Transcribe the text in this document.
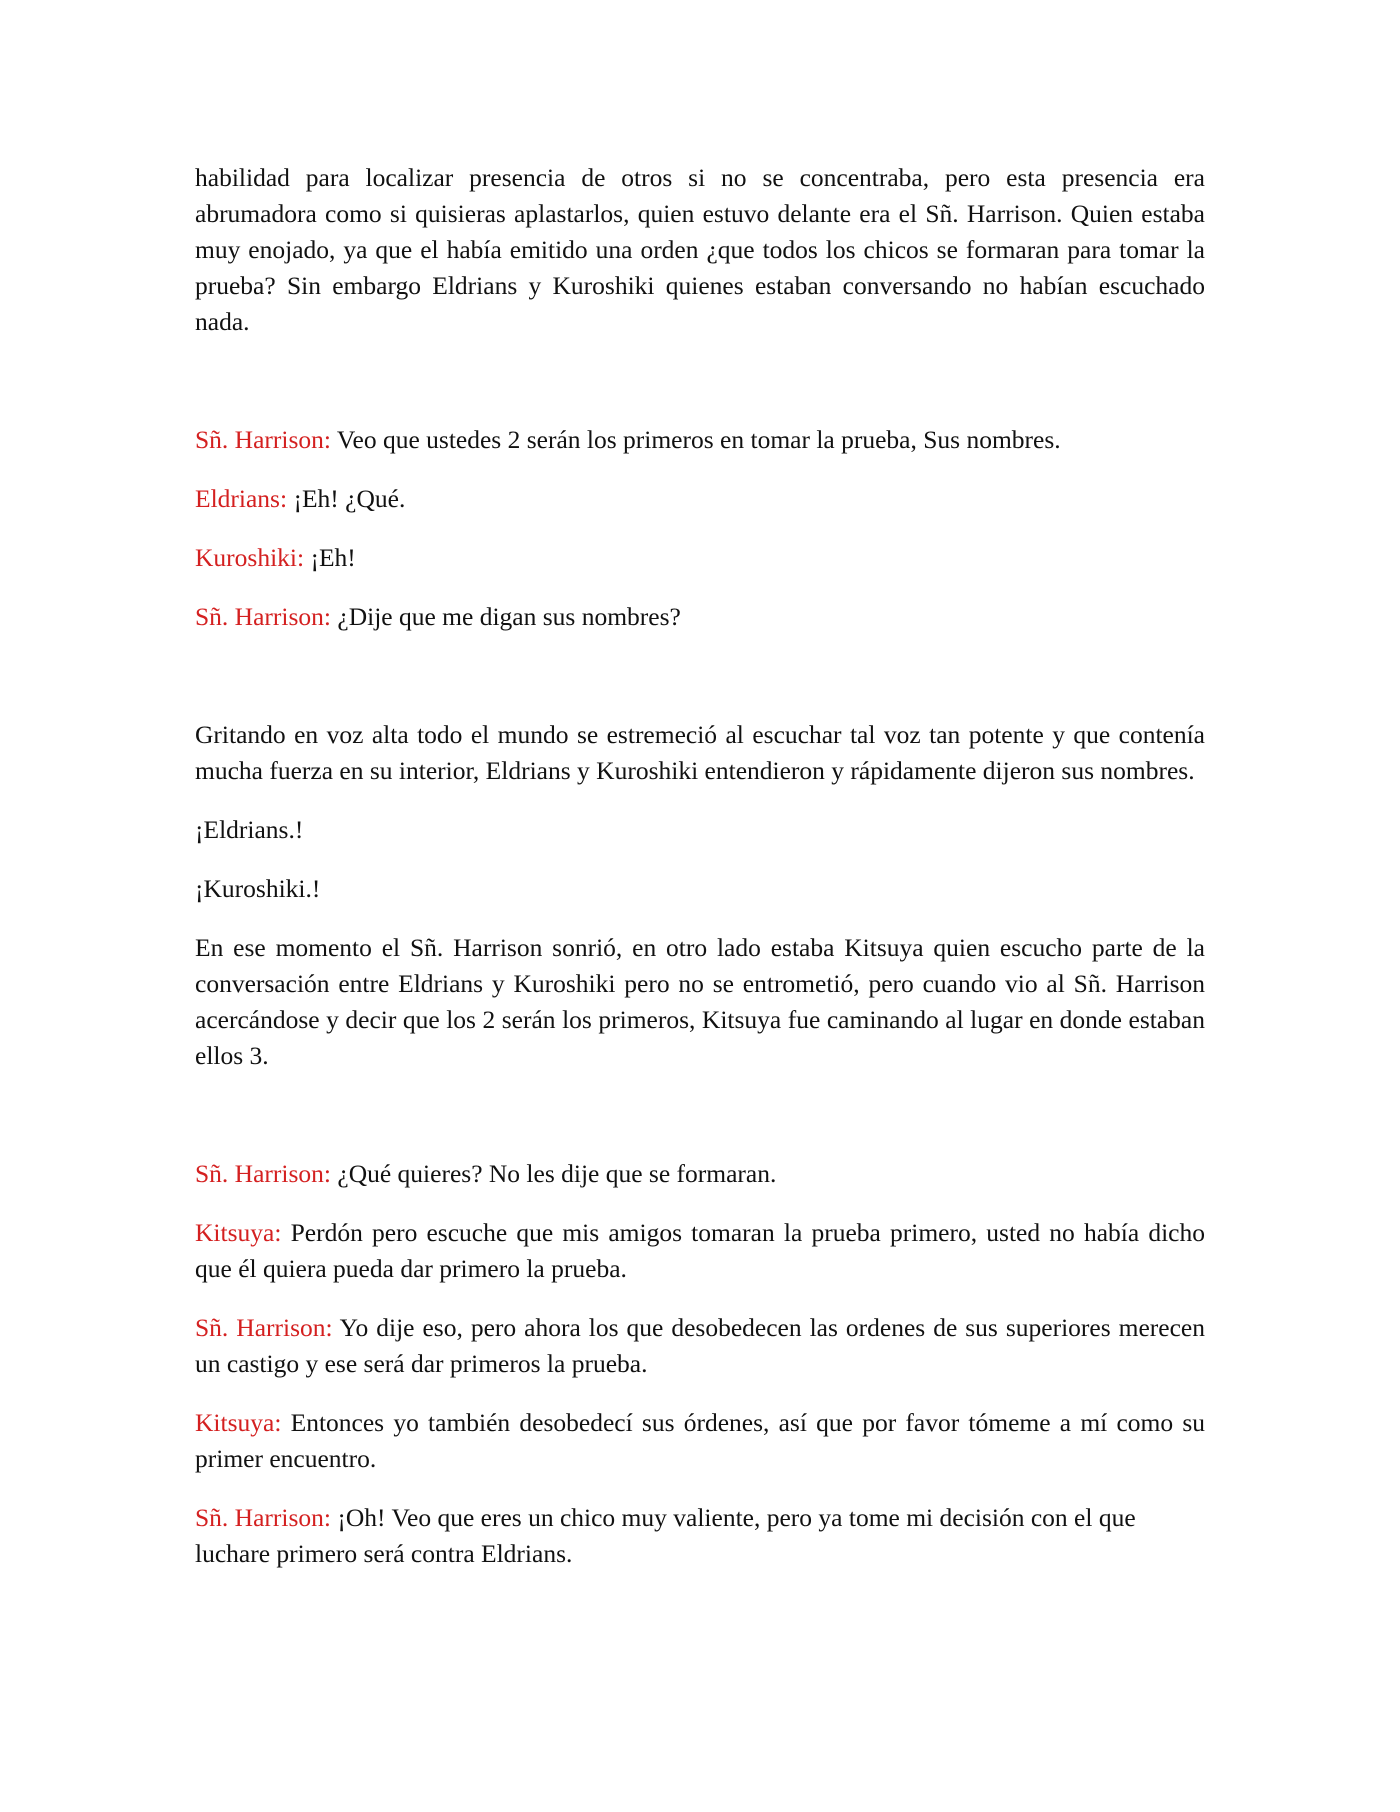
habilidad para localizar presencia de otros si no se concentraba, pero esta presencia era abrumadora como si quisieras aplastarlos, quien estuvo delante era el Sñ. Harrison. Quien estaba muy enojado, ya que el había emitido una orden ¿que todos los chicos se formaran para tomar la prueba? Sin embargo Eldrians y Kuroshiki quienes estaban conversando no habían escuchado nada.

Sñ. Harrison: Veo que ustedes 2 serán los primeros en tomar la prueba, Sus nombres.

Eldrians: ¡Eh! ¿Qué.

Kuroshiki: ¡Eh!

Sñ. Harrison: ¿Dije que me digan sus nombres?

Gritando en voz alta todo el mundo se estremeció al escuchar tal voz tan potente y que contenía mucha fuerza en su interior, Eldrians y Kuroshiki entendieron y rápidamente dijeron sus nombres.

¡Eldrians.!

¡Kuroshiki.!

En ese momento el Sñ. Harrison sonrió, en otro lado estaba Kitsuya quien escucho parte de la conversación entre Eldrians y Kuroshiki pero no se entrometió, pero cuando vio al Sñ. Harrison acercándose y decir que los 2 serán los primeros, Kitsuya fue caminando al lugar en donde estaban ellos 3.

Sñ. Harrison: ¿Qué quieres? No les dije que se formaran.

Kitsuya: Perdón pero escuche que mis amigos tomaran la prueba primero, usted no había dicho que él quiera pueda dar primero la prueba.

Sñ. Harrison: Yo dije eso, pero ahora los que desobedecen las ordenes de sus superiores merecen un castigo y ese será dar primeros la prueba.

Kitsuya: Entonces yo también desobedecí sus órdenes, así que por favor tómeme a mí como su primer encuentro.

Sñ. Harrison: ¡Oh! Veo que eres un chico muy valiente, pero ya tome mi decisión con el que luchare primero será contra Eldrians.
